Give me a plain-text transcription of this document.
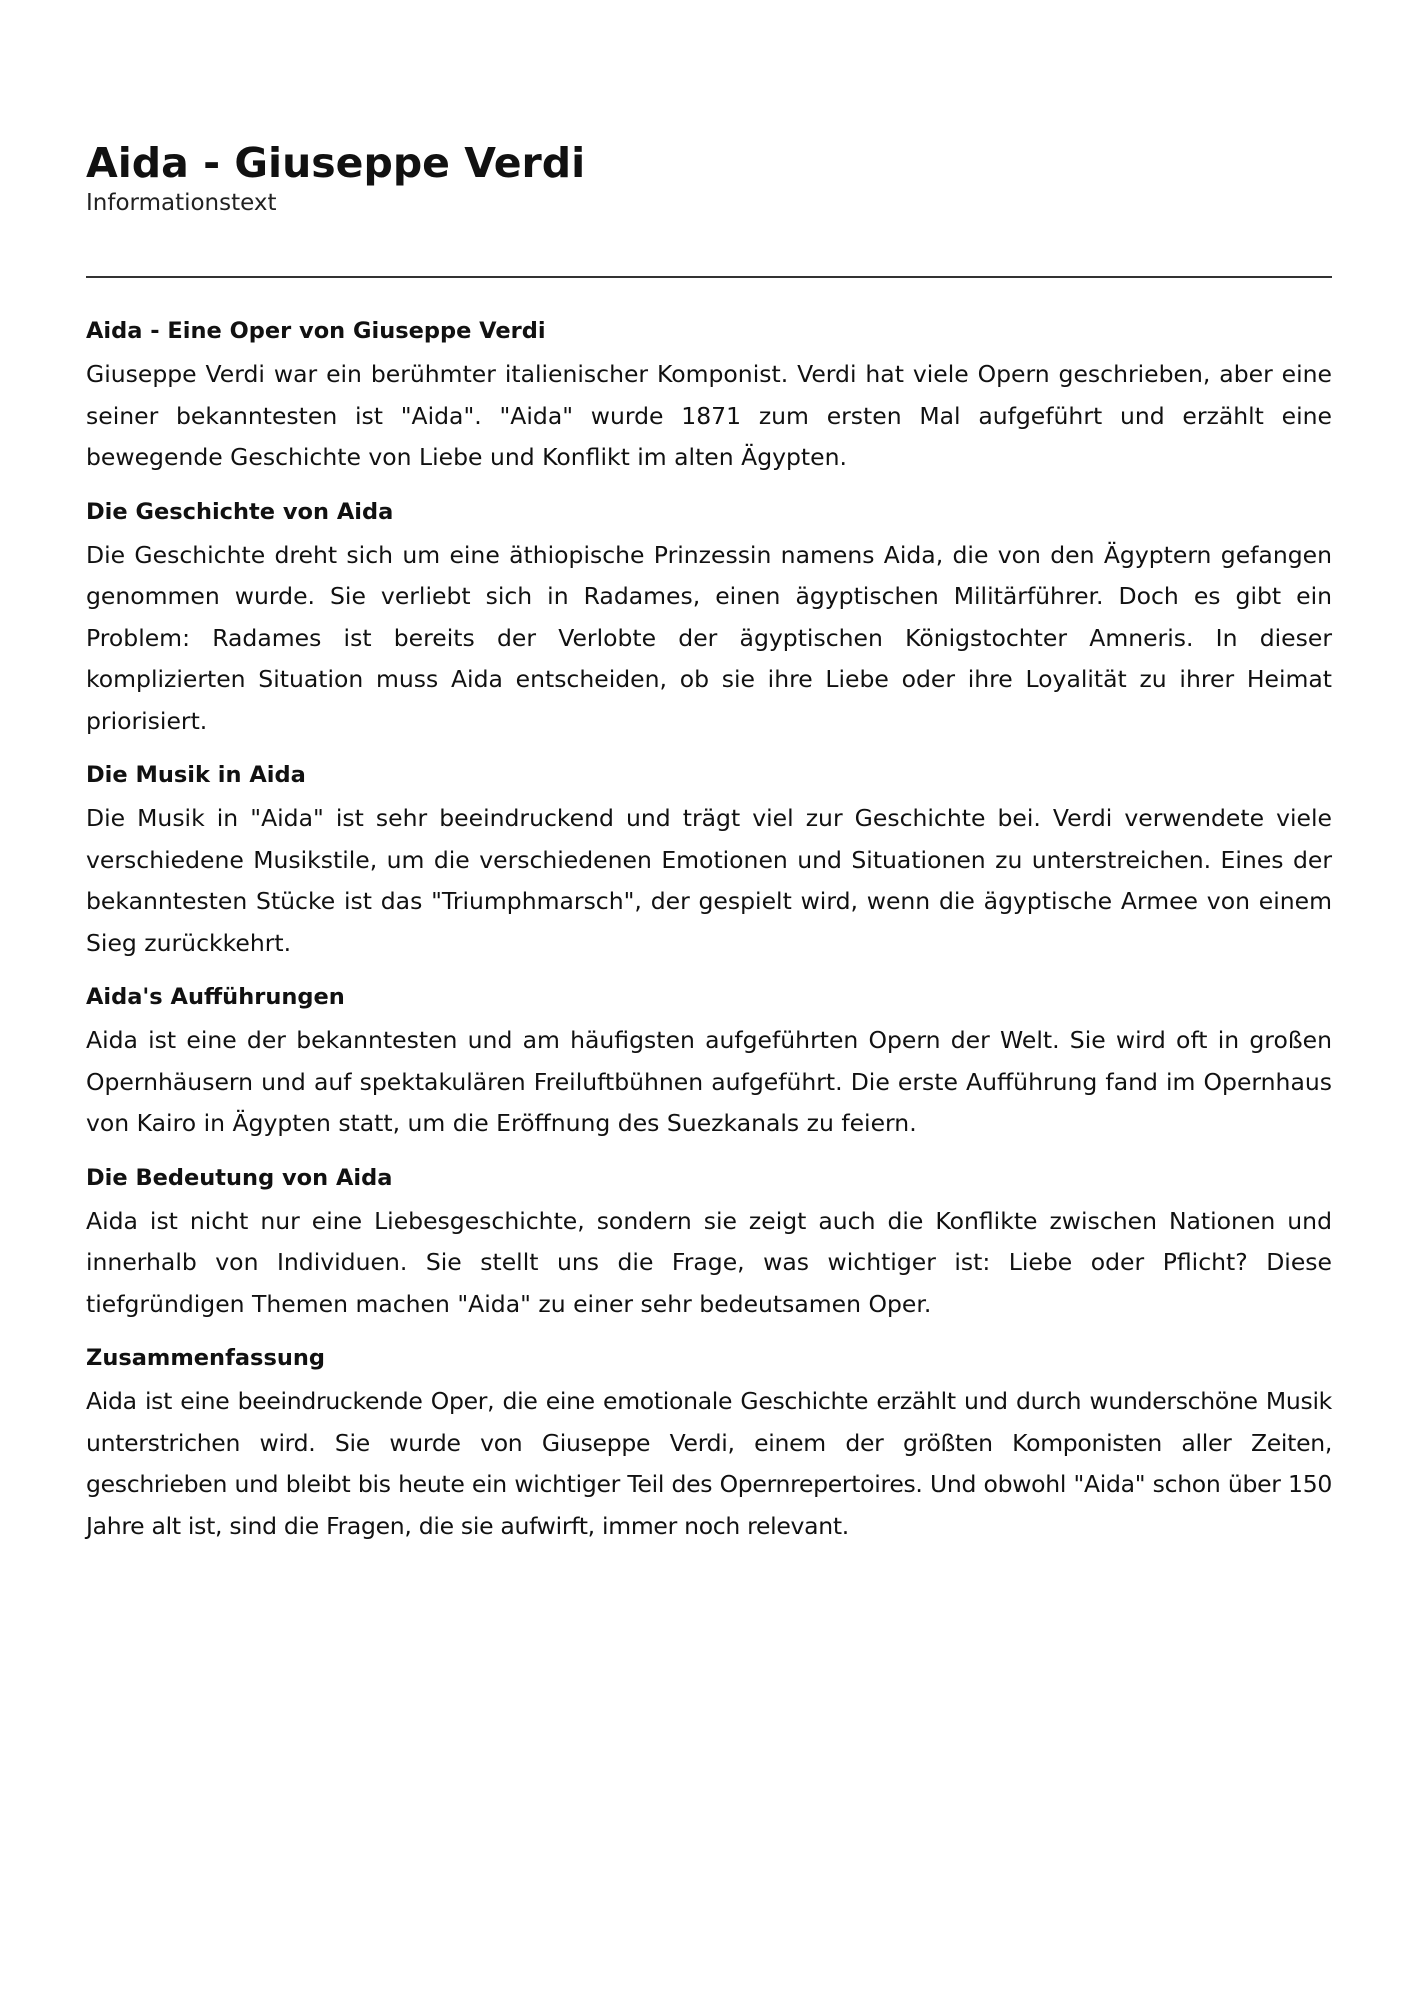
Aida - Giuseppe Verdi

Informationstext

Aida - Eine Oper von Giuseppe Verdi

Giuseppe Verdi war ein berühmter italienischer Komponist. Verdi hat viele Opern geschrieben, aber eine seiner bekanntesten ist "Aida". "Aida" wurde 1871 zum ersten Mal aufgeführt und erzählt eine bewegende Geschichte von Liebe und Konflikt im alten Ägypten.

Die Geschichte von Aida

Die Geschichte dreht sich um eine äthiopische Prinzessin namens Aida, die von den Ägyptern gefangen genommen wurde. Sie verliebt sich in Radames, einen ägyptischen Militärführer. Doch es gibt ein Problem: Radames ist bereits der Verlobte der ägyptischen Königstochter Amneris. In dieser komplizierten Situation muss Aida entscheiden, ob sie ihre Liebe oder ihre Loyalität zu ihrer Heimat priorisiert.

Die Musik in Aida

Die Musik in "Aida" ist sehr beeindruckend und trägt viel zur Geschichte bei. Verdi verwendete viele verschiedene Musikstile, um die verschiedenen Emotionen und Situationen zu unterstreichen. Eines der bekanntesten Stücke ist das "Triumphmarsch", der gespielt wird, wenn die ägyptische Armee von einem Sieg zurückkehrt.

Aida's Aufführungen

Aida ist eine der bekanntesten und am häufigsten aufgeführten Opern der Welt. Sie wird oft in großen Opernhäusern und auf spektakulären Freiluftbühnen aufgeführt. Die erste Aufführung fand im Opernhaus von Kairo in Ägypten statt, um die Eröffnung des Suezkanals zu feiern.

Die Bedeutung von Aida

Aida ist nicht nur eine Liebesgeschichte, sondern sie zeigt auch die Konflikte zwischen Nationen und innerhalb von Individuen. Sie stellt uns die Frage, was wichtiger ist: Liebe oder Pflicht? Diese tiefgründigen Themen machen "Aida" zu einer sehr bedeutsamen Oper.

Zusammenfassung

Aida ist eine beeindruckende Oper, die eine emotionale Geschichte erzählt und durch wunderschöne Musik unterstrichen wird. Sie wurde von Giuseppe Verdi, einem der größten Komponisten aller Zeiten, geschrieben und bleibt bis heute ein wichtiger Teil des Opernrepertoires. Und obwohl "Aida" schon über 150 Jahre alt ist, sind die Fragen, die sie aufwirft, immer noch relevant.
